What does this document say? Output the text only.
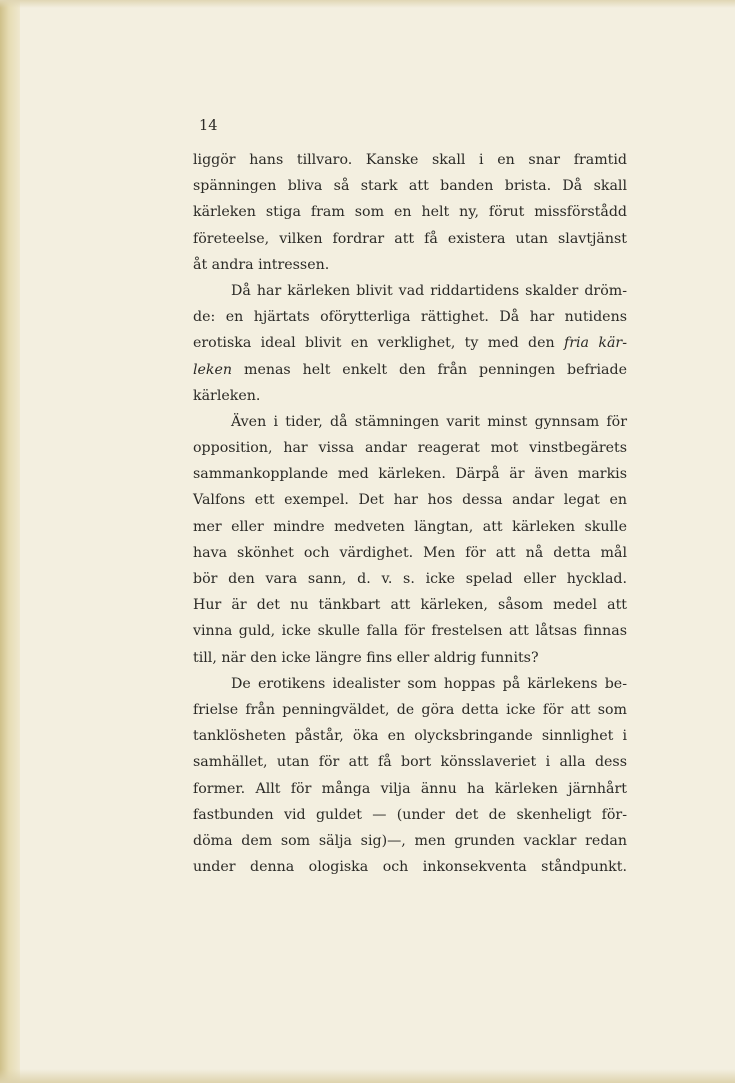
14
liggör hans tillvaro. Kanske skall i en snar framtid
spänningen bliva så stark att banden brista. Då skall
kärleken stiga fram som en helt ny, förut missförstådd
företeelse, vilken fordrar att få existera utan slavtjänst
åt andra intressen.
Då har kärleken blivit vad riddartidens skalder dröm-
de: en hjärtats oförytterliga rättighet. Då har nutidens
erotiska ideal blivit en verklighet, ty med den fria kär-
leken menas helt enkelt den från penningen befriade
kärleken.
Även i tider, då stämningen varit minst gynnsam för
opposition, har vissa andar reagerat mot vinstbegärets
sammankopplande med kärleken. Därpå är även markis
Valfons ett exempel. Det har hos dessa andar legat en
mer eller mindre medveten längtan, att kärleken skulle
hava skönhet och värdighet. Men för att nå detta mål
bör den vara sann, d. v. s. icke spelad eller hycklad.
Hur är det nu tänkbart att kärleken, såsom medel att
vinna guld, icke skulle falla för frestelsen att låtsas finnas
till, när den icke längre fins eller aldrig funnits?
De erotikens idealister som hoppas på kärlekens be-
frielse från penningväldet, de göra detta icke för att som
tanklösheten påstår, öka en olycksbringande sinnlighet i
samhället, utan för att få bort könsslaveriet i alla dess
former. Allt för många vilja ännu ha kärleken järnhårt
fastbunden vid guldet — (under det de skenheligt för-
döma dem som sälja sig)—, men grunden vacklar redan
under denna ologiska och inkonsekventa ståndpunkt.
